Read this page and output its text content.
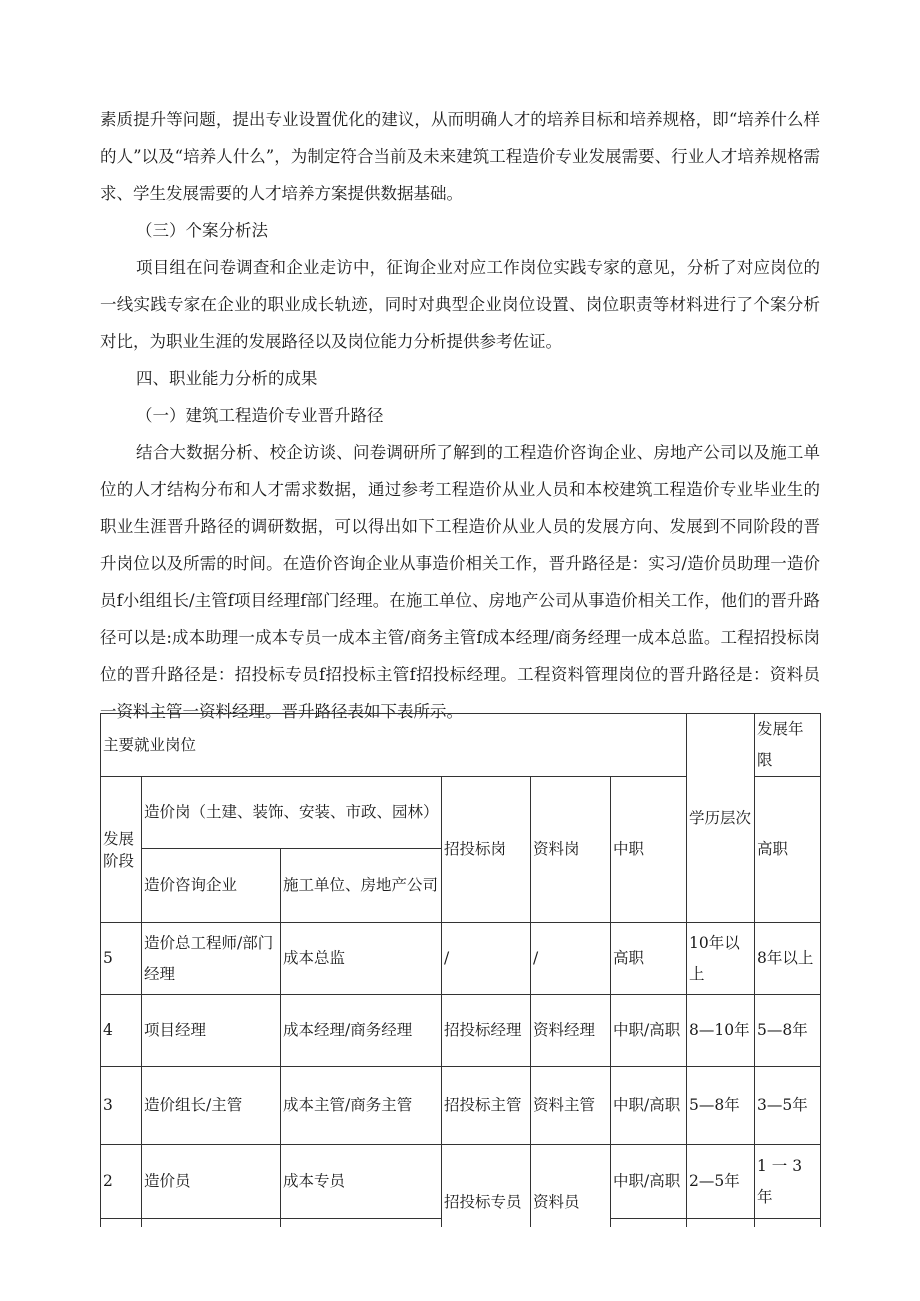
素质提升等问题，提出专业设置优化的建议，从而明确人才的培养目标和培养规格，即“培养什么样的人”以及“培养人什么”，为制定符合当前及未来建筑工程造价专业发展需要、行业人才培养规格需求、学生发展需要的人才培养方案提供数据基础。

（三）个案分析法

项目组在问卷调查和企业走访中，征询企业对应工作岗位实践专家的意见，分析了对应岗位的一线实践专家在企业的职业成长轨迹，同时对典型企业岗位设置、岗位职责等材料进行了个案分析对比，为职业生涯的发展路径以及岗位能力分析提供参考佐证。

四、职业能力分析的成果

（一）建筑工程造价专业晋升路径

结合大数据分析、校企访谈、问卷调研所了解到的工程造价咨询企业、房地产公司以及施工单位的人才结构分布和人才需求数据，通过参考工程造价从业人员和本校建筑工程造价专业毕业生的职业生涯晋升路径的调研数据，可以得出如下工程造价从业人员的发展方向、发展到不同阶段的晋升岗位以及所需的时间。在造价咨询企业从事造价相关工作，晋升路径是：实习/造价员助理一造价员f小组组长/主管f项目经理f部门经理。在施工单位、房地产公司从事造价相关工作，他们的晋升路径可以是:成本助理一成本专员一成本主管/商务主管f成本经理/商务经理一成本总监。工程招投标岗位的晋升路径是：招投标专员f招投标主管f招投标经理。工程资料管理岗位的晋升路径是：资料员一资料主管一资料经理。晋升路径表如下表所示。

主要就业岗位						学历层次	发展年限
发展阶段	造价岗（土建、装饰、安装、市政、园林）		招投标岗	资料岗	中职		高职
	造价咨询企业	施工单位、房地产公司					

5	造价总工程师/部门经理	成本总监	/	/	高职	10年以上	8年以上
4	项目经理	成本经理/商务经理	招投标经理	资料经理	中职/高职	8—10年	5—8年
3	造价组长/主管	成本主管/商务主管	招投标主管	资料主管	中职/高职	5—8年	3—5年
2	造价员	成本专员	招投标专员	资料员	中职/高职	2—5年	1 一 3 年
